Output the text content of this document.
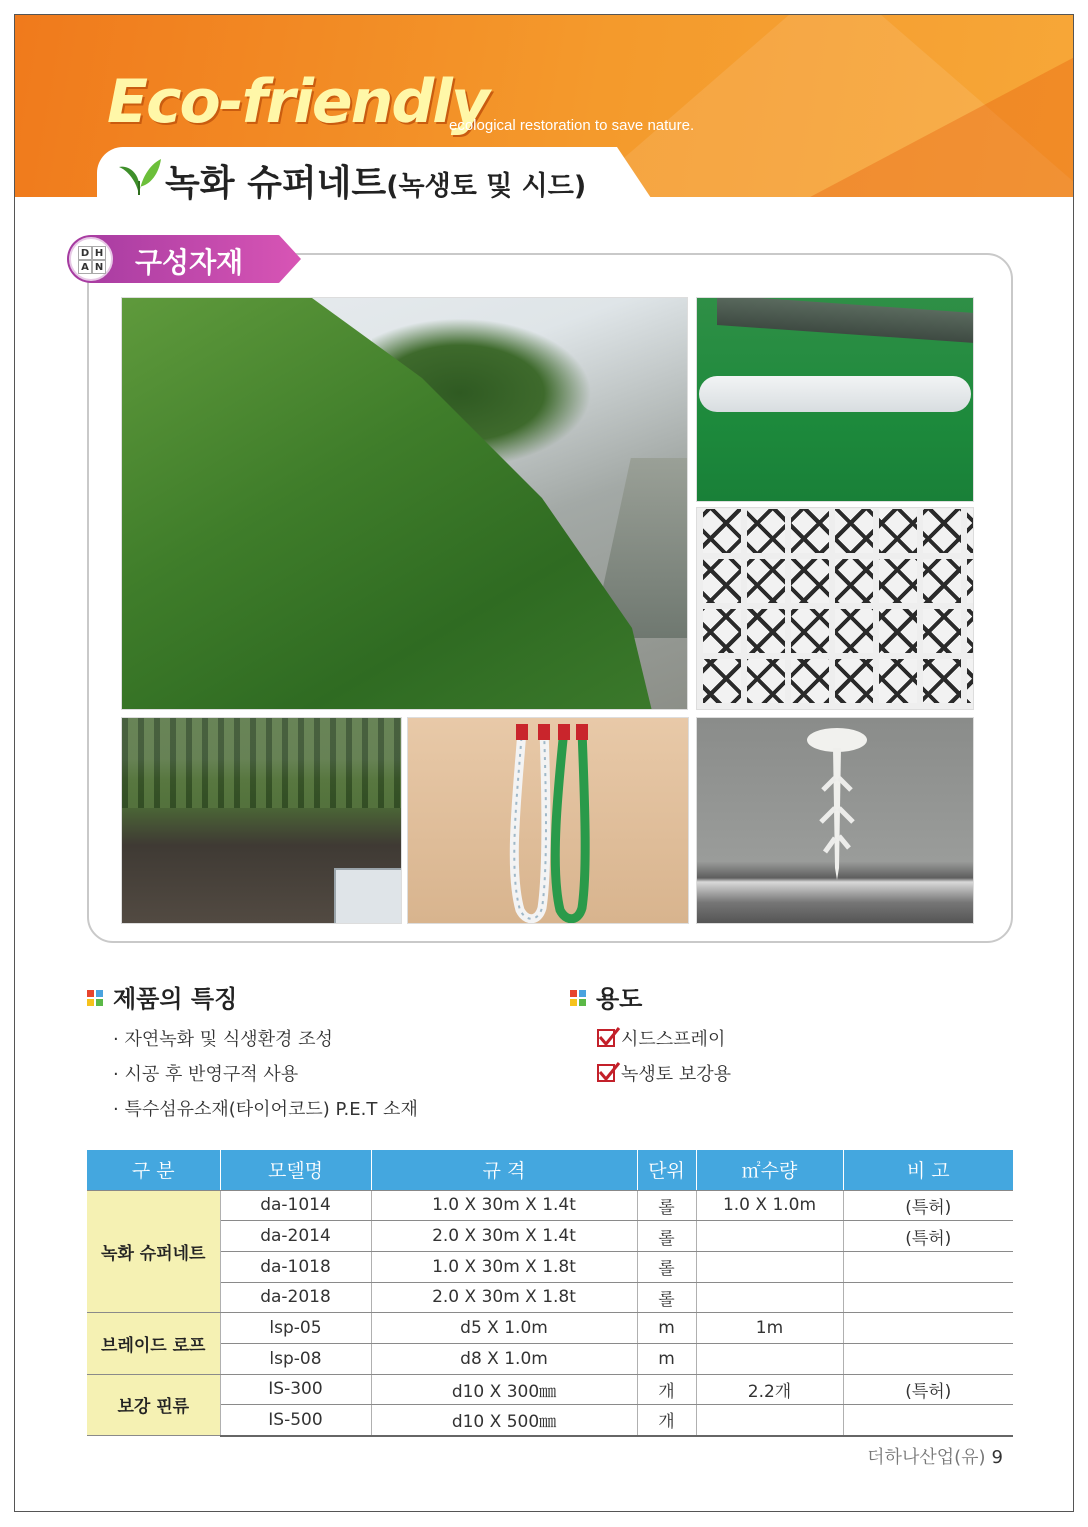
Eco-friendly
ecological restoration to save nature.
녹화 슈퍼네트(녹생토 및 시드)
D H
A N 구성자재
제품의 특징
· 자연녹화 및 식생환경 조성
· 시공 후 반영구적 사용
· 특수섬유소재(타이어코드) P.E.T 소재
용도
시드스프레이
녹생토 보강용
구 분	모델명	규 격	단위	㎡수량	비 고
녹화 슈퍼네트	da-1014	1.0 X 30m X 1.4t	롤	1.0 X 1.0m	(특허)
	da-2014	2.0 X 30m X 1.4t	롤		(특허)
	da-1018	1.0 X 30m X 1.8t	롤		
	da-2018	2.0 X 30m X 1.8t	롤		
브레이드 로프	lsp-05	d5 X 1.0m	m	1m	
	lsp-08	d8 X 1.0m	m		
보강 핀류	IS-300	d10 X 300㎜	개	2.2개	(특허)
	IS-500	d10 X 500㎜	개		
더하나산업(유) 9
